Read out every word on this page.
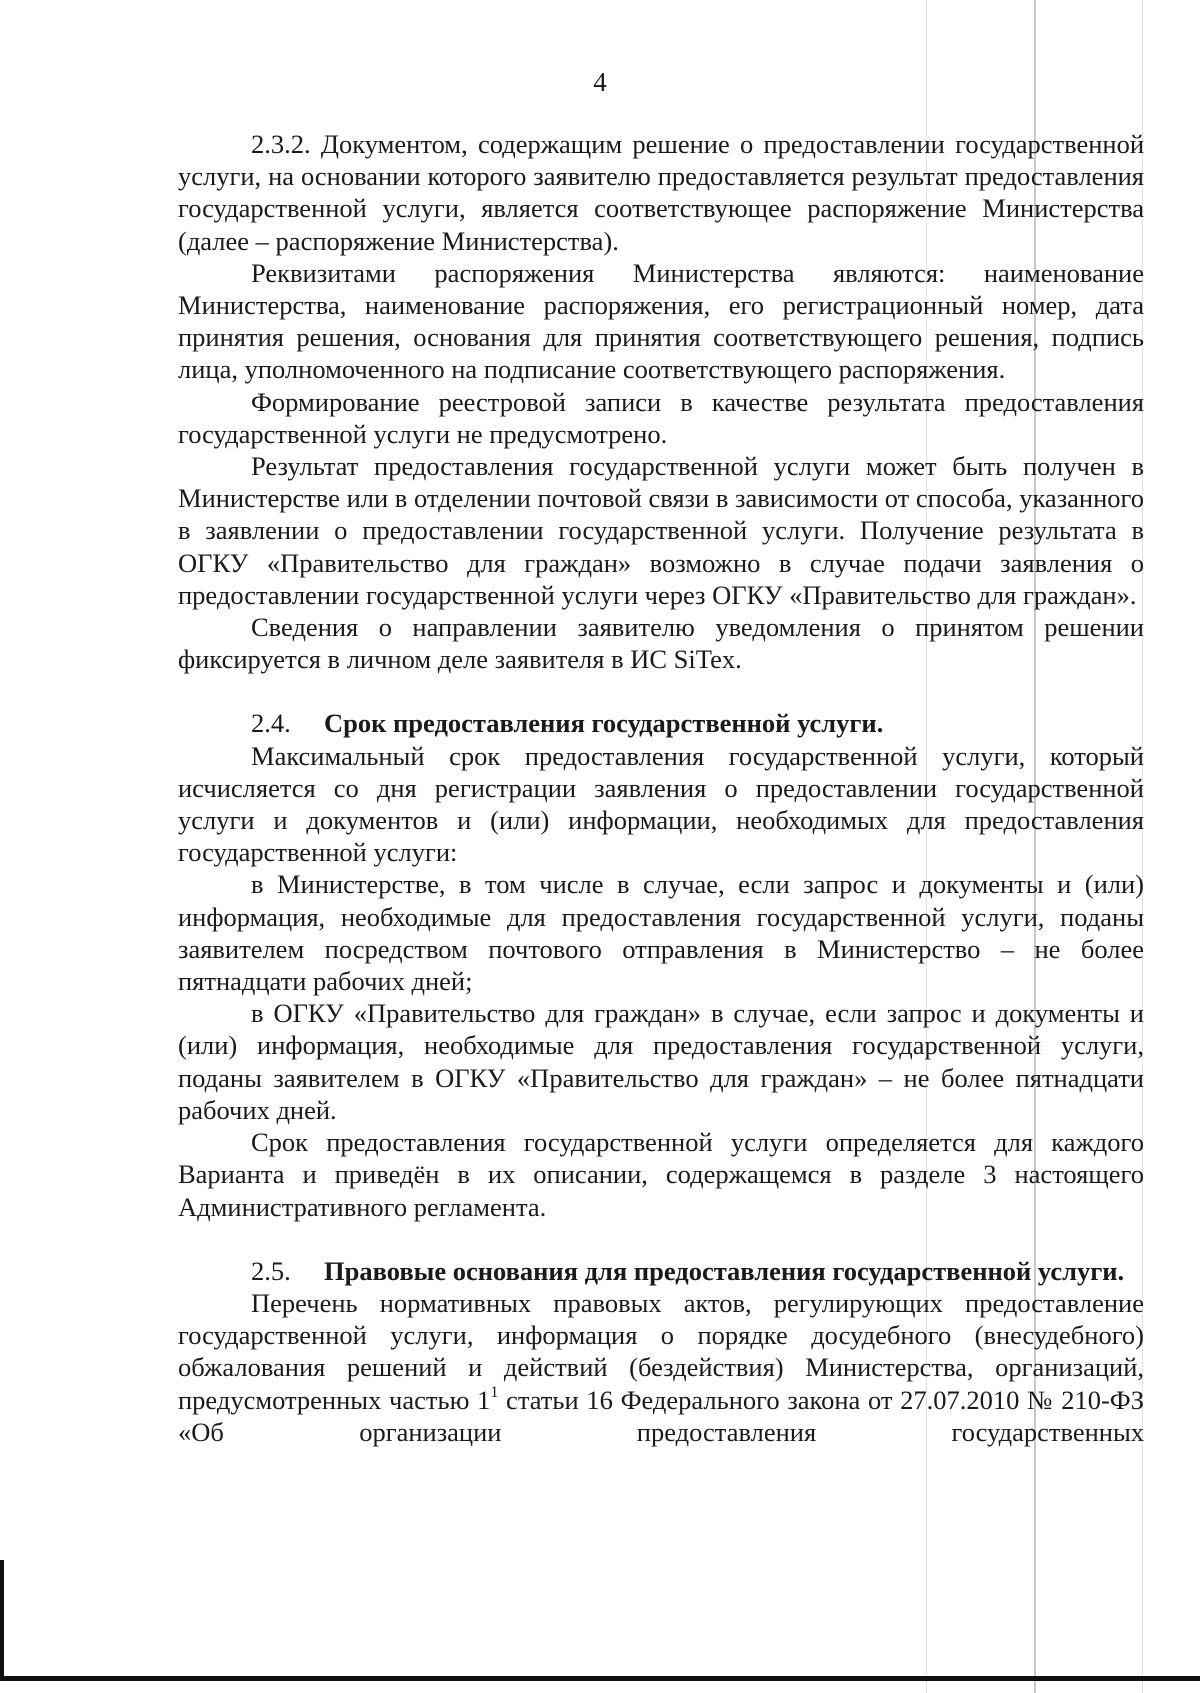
4

2.3.2. Документом, содержащим решение о предоставлении государственной услуги, на основании которого заявителю предоставляется результат предоставления государственной услуги, является соответствующее распоряжение Министерства (далее – распоряжение Министерства).

Реквизитами распоряжения Министерства являются: наименование Министерства, наименование распоряжения, его регистрационный номер, дата принятия решения, основания для принятия соответствующего решения, подпись лица, уполномоченного на подписание соответствующего распоряжения.

Формирование реестровой записи в качестве результата предоставления государственной услуги не предусмотрено.

Результат предоставления государственной услуги может быть получен в Министерстве или в отделении почтовой связи в зависимости от способа, указанного в заявлении о предоставлении государственной услуги. Получение результата в ОГКУ «Правительство для граждан» возможно в случае подачи заявления о предоставлении государственной услуги через ОГКУ «Правительство для граждан».

Сведения о направлении заявителю уведомления о принятом решении фиксируется в личном деле заявителя в ИС SiTex.

2.4. Срок предоставления государственной услуги.

Максимальный срок предоставления государственной услуги, который исчисляется со дня регистрации заявления о предоставлении государственной услуги и документов и (или) информации, необходимых для предоставления государственной услуги:

в Министерстве, в том числе в случае, если запрос и документы и (или) информация, необходимые для предоставления государственной услуги, поданы заявителем посредством почтового отправления в Министерство – не более пятнадцати рабочих дней;

в ОГКУ «Правительство для граждан» в случае, если запрос и документы и (или) информация, необходимые для предоставления государственной услуги, поданы заявителем в ОГКУ «Правительство для граждан» – не более пятнадцати рабочих дней.

Срок предоставления государственной услуги определяется для каждого Варианта и приведён в их описании, содержащемся в разделе 3 настоящего Административного регламента.

2.5. Правовые основания для предоставления государственной услуги.

Перечень нормативных правовых актов, регулирующих предоставление государственной услуги, информация о порядке досудебного (внесудебного) обжалования решений и действий (бездействия) Министерства, организаций, предусмотренных частью $1^1$ статьи 16 Федерального закона от 27.07.2010 № 210-ФЗ «Об организации предоставления государственных
